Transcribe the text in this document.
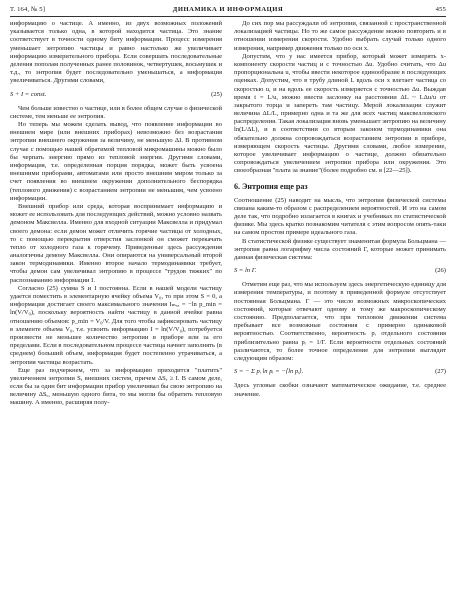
Т. 164, № 5]	ДИНАМИКА И ИНФОРМАЦИЯ	455

информацию о частице. А именно, из двух возможных положений указывается только одна, в которой находится частица. Это знание соответствует в точности одному биту информации. Процесс измерения уменьшает энтропию частицы и равно настолько же увеличивает информацию измерительного прибора. Если совершать последовательные деления пополам полученных ранее половинок, четвертушек, восьмушек и т.д., то энтропия будет последовательно уменьшаться, а информация увеличиваться. Другими словами,

S + I = const.	(25)

Чем больше известно о частице, или в более общем случае о физической системе, тем меньше ее энтропия.

Но теперь мы можем сделать вывод, что появление информации во внешнем мире (или внешних приборах) невозможно без возрастания энтропии внешнего окружения за величину, не меньшую ΔI. В противном случае с помощью нашей обратимой тепловой микромашины можно было бы черпать энергию прямо из тепловой энергии. Другими словами, информация, т.е. определенная порция порядка, может быть усвоена внешними приборами, автоматами или просто внешним миром только за счет появления во внешнем окружении дополнительного беспорядка (теплового движения) с возрастанием энтропии не меньшим, чем усвоено информации.

Внешний прибор или среда, которая воспринимает информацию и может ее использовать для последующих действий, можно условно назвать демоном Максвелла. Именно для входной ситуации Максвелла и придумал своего демона: если демон может отличить горячие частицы от холодных, то с помощью перекрытия отверстия заслонкой он сможет перекачать тепло от холодного газа к горячему. Приведенные здесь рассуждения аналогичны демону Максвелла. Они опираются на универсальный второй закон термодинамики. Именно второе начало термодинамики требует, чтобы демон сам увеличивал энтропию в процессе "трудов тяжких" по распознаванию информации I.

Согласно (25) сумма S и I постоянна. Если в нашей модели частицу удается поместить в элементарную ячейку объема V₀, то при этом S = 0, а информация достигает своего максимального значения Iₘₐₓ = −ln p_min = ln(V/V₀), поскольку вероятность найти частицу в данной ячейке равна отношению объемов: p_min = V₀/V. Для того чтобы зафиксировать частицу в элементе объема V₀, т.е. усвоить информацию I = ln(V/V₀), потребуется произвести не меньшее количество энтропии в приборе или за его пределами. Если в последовательном процессе частица начнет заполнять (в среднем) больший объем, информация будет постепенно утрачиваться, а энтропия частицы возрастать.

Еще раз подчеркнем, что за информацию приходится "платить" увеличением энтропии Sₑ внешних систем, причем ΔSₑ ≥ I. В самом деле, если бы за один бит информации прибор увеличивал бы свою энтропию на величину ΔSₑ, меньшую одного бита, то мы могли бы обратить тепловую машину. А именно, расширяя полу-

До сих пор мы рассуждали об энтропии, связанной с пространственной локализацией частицы. Но то же самое рассуждение можно повторить и в отношении измерения скорости. Удобно выбрать случай только одного измерения, например движения только по оси x.

Допустим, что у нас имеется прибор, который может измерять x-компоненту скорости частиц и с точностью Δu. Удобно считать, что Δu пропорциональна u, чтобы ввести некоторое единообразие в последующих оценках. Допустим, что в трубу длиной L вдоль оси x влетает частица со скоростью u, и на вдоль ее скорость измеряется с точностью Δu. Выждав время t = L/u, можно ввести заслонку на расстоянии ΔL ~ LΔu/u от закрытого торца и запереть там частицу. Мерой локализации служит величина ΔL/L, примерно одна и та же для всех частиц максвелловского распределения. Такая локализация вновь уменьшает энтропию на величину ln(L/ΔL), и в соответствии со вторым законом термодинамики она обязательно должна сопровождаться возрастанием энтропии в приборе, измеряющем скорость частицы. Другими словами, любое измерение, которое увеличивает информацию о частице, должно обязательно сопровождаться увеличением энтропии прибора или окружения. Это своеобразная "плата за знание"(более подробно см. в [22—25]).

6. Энтропия еще раз

Соотношение (25) наводит на мысль, что энтропия физической системы связана каким-то образом с распределением вероятностей. И это на самом деле так, что подробно излагается в книгах и учебниках по статистической физике. Мы здесь кратко познакомим читателя с этим вопросом опять-таки на самом простом примере идеального газа.

В статистической физике существует знаменитая формула Больцмана — энтропия равна логарифму числа состояний Γ, которые может принимать данная физическая система:

S = ln Γ.	(26)

Отметим еще раз, что мы используем здесь энергетическую единицу для измерения температуры, и поэтому в приведенной формуле отсутствует постоянная Больцмана. Γ — это число возможных микроскопических состояний, которые отвечают одному и тому же макроскопическому состоянию. Предполагается, что при тепловом движении система пребывает все возможные состояния с примерно одинаковой вероятностью. Соответственно, вероятность pᵢ отдельного состояния приблизительно равна pᵢ = 1/Γ. Если вероятности отдельных состояний различаются, то более точное определение для энтропии выглядит следующим образом:

S = − Σ pᵢ ln pᵢ = −⟨ln pᵢ⟩.	(27)

Здесь угловые скобки означают математическое ожидание, т.е. среднее значение.
